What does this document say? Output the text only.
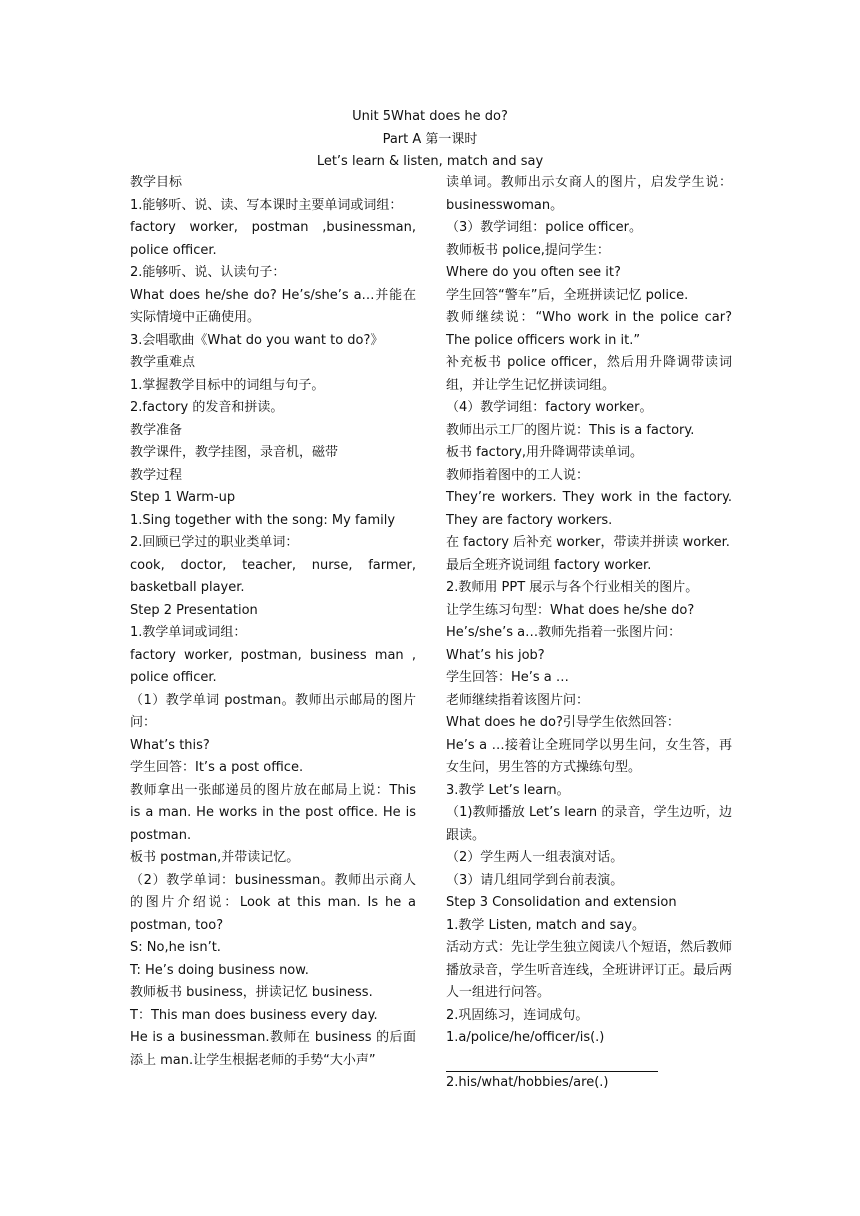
Unit 5What does he do?
Part A 第一课时
Let’s learn & listen, match and say
教学目标
1.能够听、说、读、写本课时主要单词或词组：
factory worker, postman ,businessman, police officer.
2.能够听、说、认读句子：
What does he/she do? He’s/she’s a…并能在实际情境中正确使用。
3.会唱歌曲《What do you want to do?》
教学重难点
1.掌握教学目标中的词组与句子。
2.factory 的发音和拼读。
教学准备
教学课件，教学挂图，录音机，磁带
教学过程
Step 1 Warm-up
1.Sing together with the song: My family
2.回顾已学过的职业类单词：
cook, doctor, teacher, nurse, farmer, basketball player.
Step 2 Presentation
1.教学单词或词组：
factory worker, postman, business man , police officer.
（1）教学单词 postman。教师出示邮局的图片问：
What’s this?
学生回答：It’s a post office.
教师拿出一张邮递员的图片放在邮局上说：This is a man. He works in the post office. He is postman.
板书 postman,并带读记忆。
（2）教学单词：businessman。教师出示商人的图片介绍说：Look at this man. Is he a postman, too?
S: No,he isn’t.
T: He’s doing business now.
教师板书 business，拼读记忆 business.
T：This man does business every day.
He is a businessman.教师在 business 的后面添上 man.让学生根据老师的手势“大小声”
读单词。教师出示女商人的图片，启发学生说：businesswoman。
（3）教学词组：police officer。
教师板书 police,提问学生：
Where do you often see it?
学生回答“警车”后，全班拼读记忆 police.
教师继续说：“Who work in the police car? The police officers work in it.”
补充板书 police officer，然后用升降调带读词组，并让学生记忆拼读词组。
（4）教学词组：factory worker。
教师出示工厂的图片说：This is a factory.
板书 factory,用升降调带读单词。
教师指着图中的工人说：
They’re workers. They work in the factory. They are factory workers.
在 factory 后补充 worker，带读并拼读 worker.
最后全班齐说词组 factory worker.
2.教师用 PPT 展示与各个行业相关的图片。
让学生练习句型：What does he/she do?
He’s/she’s a…教师先指着一张图片问：
What’s his job?
学生回答：He’s a …
老师继续指着该图片问：
What does he do?引导学生依然回答：
He’s a …接着让全班同学以男生问，女生答，再女生问，男生答的方式操练句型。
3.教学 Let’s learn。
（1)教师播放 Let’s learn 的录音，学生边听，边跟读。
（2）学生两人一组表演对话。
（3）请几组同学到台前表演。
Step 3 Consolidation and extension
1.教学 Listen, match and say。
活动方式：先让学生独立阅读八个短语，然后教师播放录音，学生听音连线，全班讲评订正。最后两人一组进行问答。
2.巩固练习，连词成句。
1.a/police/he/officer/is(.)
2.his/what/hobbies/are(.)
